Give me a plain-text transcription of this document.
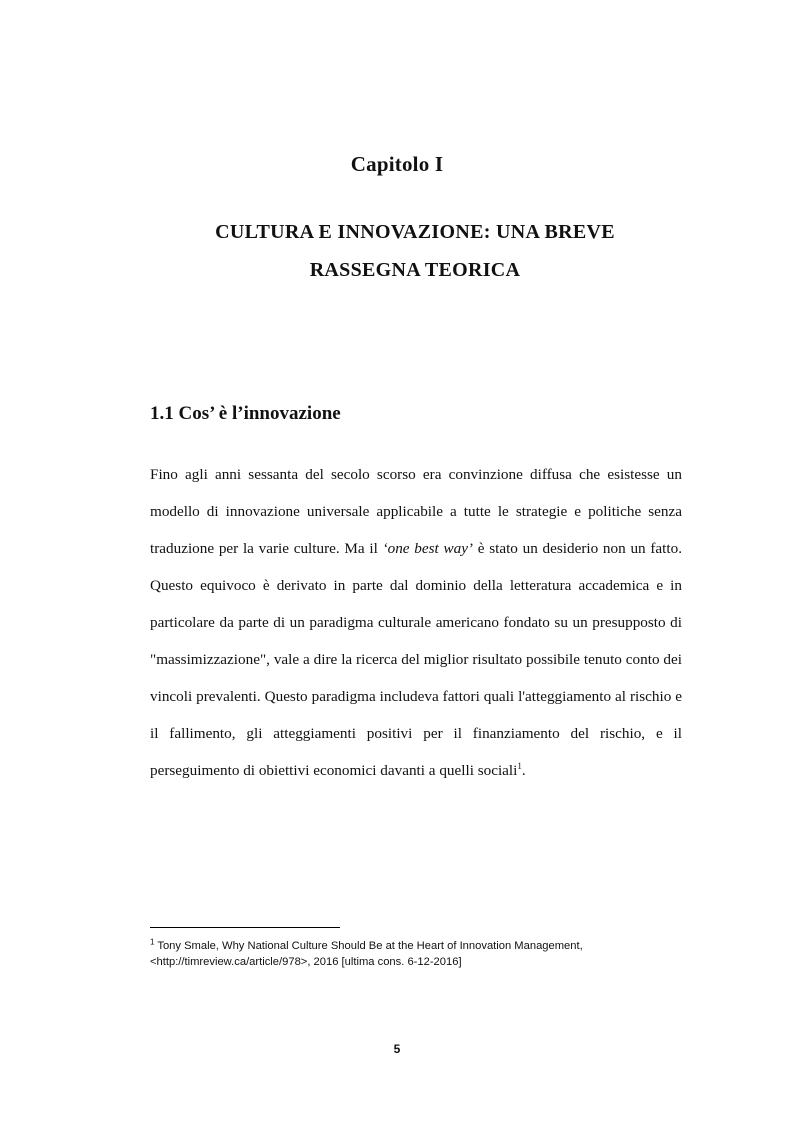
Capitolo I
CULTURA E INNOVAZIONE: UNA BREVE
RASSEGNA TEORICA
1.1 Cos’ è l’innovazione

Fino agli anni sessanta del secolo scorso era convinzione diffusa che esistesse un modello di innovazione universale applicabile a tutte le strategie e politiche senza traduzione per la varie culture. Ma il ‘one best way’ è stato un desiderio non un fatto. Questo equivoco è derivato in parte dal dominio della letteratura accademica e in particolare da parte di un paradigma culturale americano fondato su un presupposto di "massimizzazione", vale a dire la ricerca del miglior risultato possibile tenuto conto dei vincoli prevalenti. Questo paradigma includeva fattori quali l'atteggiamento al rischio e il fallimento, gli atteggiamenti positivi per il finanziamento del rischio, e il perseguimento di obiettivi economici davanti a quelli sociali$^1$.

$^1$ Tony Smale, Why National Culture Should Be at the Heart of Innovation Management,
<http://timreview.ca/article/978>, 2016 [ultima cons. 6-12-2016]
5
